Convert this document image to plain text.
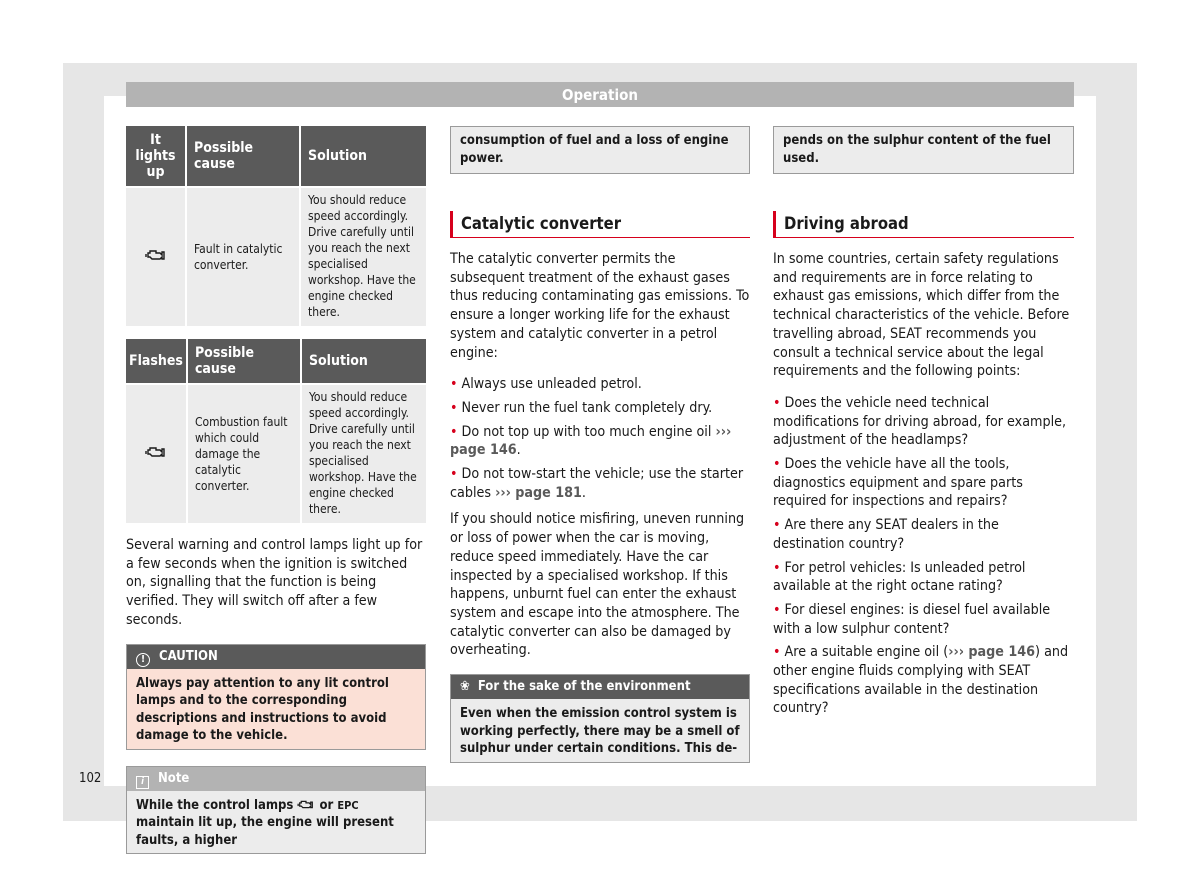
Operation
It lights up	Possible cause	Solution
	Fault in catalytic converter.	You should reduce speed accordingly. Drive carefully until you reach the next specialised workshop. Have the engine checked there.
Flashes	Possible cause	Solution
	Combustion fault which could damage the catalytic converter.	You should reduce speed accordingly. Drive carefully until you reach the next specialised workshop. Have the engine checked there.

Several warning and control lamps light up for a few seconds when the ignition is switched on, signalling that the function is being verified. They will switch off after a few seconds.

! CAUTION
Always pay attention to any lit control lamps and to the corresponding descriptions and instructions to avoid damage to the vehicle.
i Note
While the control lamps or EPC maintain lit up, the engine will present faults, a higher
consumption of fuel and a loss of engine power.
Catalytic converter

The catalytic converter permits the subsequent treatment of the exhaust gases thus reducing contaminating gas emissions. To ensure a longer working life for the exhaust system and catalytic converter in a petrol engine:

• Always use unleaded petrol.
• Never run the fuel tank completely dry.
• Do not top up with too much engine oil ››› page 146.
• Do not tow-start the vehicle; use the starter cables ››› page 181.

If you should notice misfiring, uneven running or loss of power when the car is moving, reduce speed immediately. Have the car inspected by a specialised workshop. If this happens, unburnt fuel can enter the exhaust system and escape into the atmosphere. The catalytic converter can also be damaged by overheating.

❀ For the sake of the environment
Even when the emission control system is working perfectly, there may be a smell of sulphur under certain conditions. This de-
pends on the sulphur content of the fuel used.
Driving abroad

In some countries, certain safety regulations and requirements are in force relating to exhaust gas emissions, which differ from the technical characteristics of the vehicle. Before travelling abroad, SEAT recommends you consult a technical service about the legal requirements and the following points:

• Does the vehicle need technical modifications for driving abroad, for example, adjustment of the headlamps?
• Does the vehicle have all the tools, diagnostics equipment and spare parts required for inspections and repairs?
• Are there any SEAT dealers in the destination country?
• For petrol vehicles: Is unleaded petrol available at the right octane rating?
• For diesel engines: is diesel fuel available with a low sulphur content?
• Are a suitable engine oil (››› page 146) and other engine fluids complying with SEAT specifications available in the destination country?
102
